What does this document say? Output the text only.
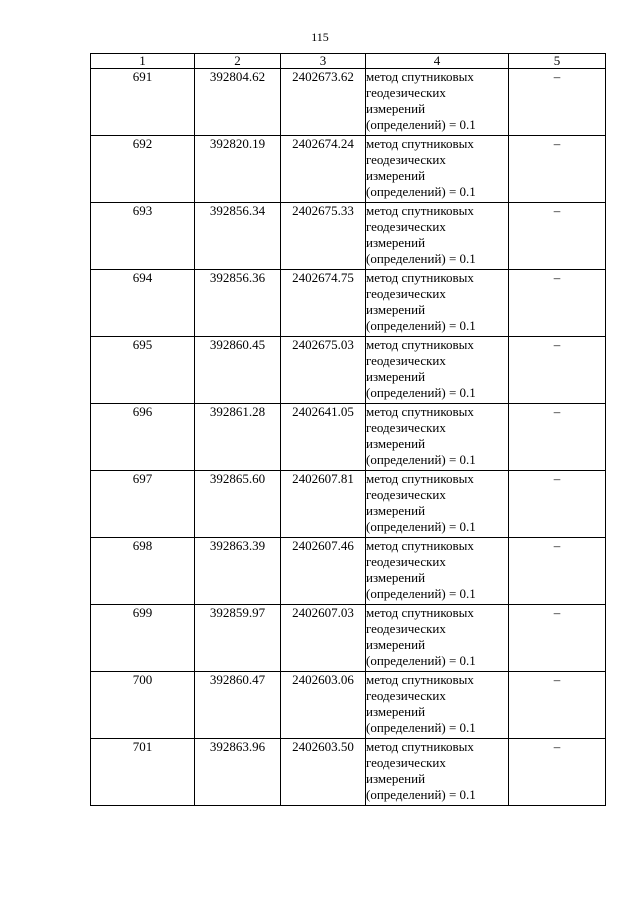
115
1	2	3	4	5
691	392804.62	2402673.62	метод спутниковых геодезических измерений (определений) = 0.1	–
692	392820.19	2402674.24	метод спутниковых геодезических измерений (определений) = 0.1	–
693	392856.34	2402675.33	метод спутниковых геодезических измерений (определений) = 0.1	–
694	392856.36	2402674.75	метод спутниковых геодезических измерений (определений) = 0.1	–
695	392860.45	2402675.03	метод спутниковых геодезических измерений (определений) = 0.1	–
696	392861.28	2402641.05	метод спутниковых геодезических измерений (определений) = 0.1	–
697	392865.60	2402607.81	метод спутниковых геодезических измерений (определений) = 0.1	–
698	392863.39	2402607.46	метод спутниковых геодезических измерений (определений) = 0.1	–
699	392859.97	2402607.03	метод спутниковых геодезических измерений (определений) = 0.1	–
700	392860.47	2402603.06	метод спутниковых геодезических измерений (определений) = 0.1	–
701	392863.96	2402603.50	метод спутниковых геодезических измерений (определений) = 0.1	–
